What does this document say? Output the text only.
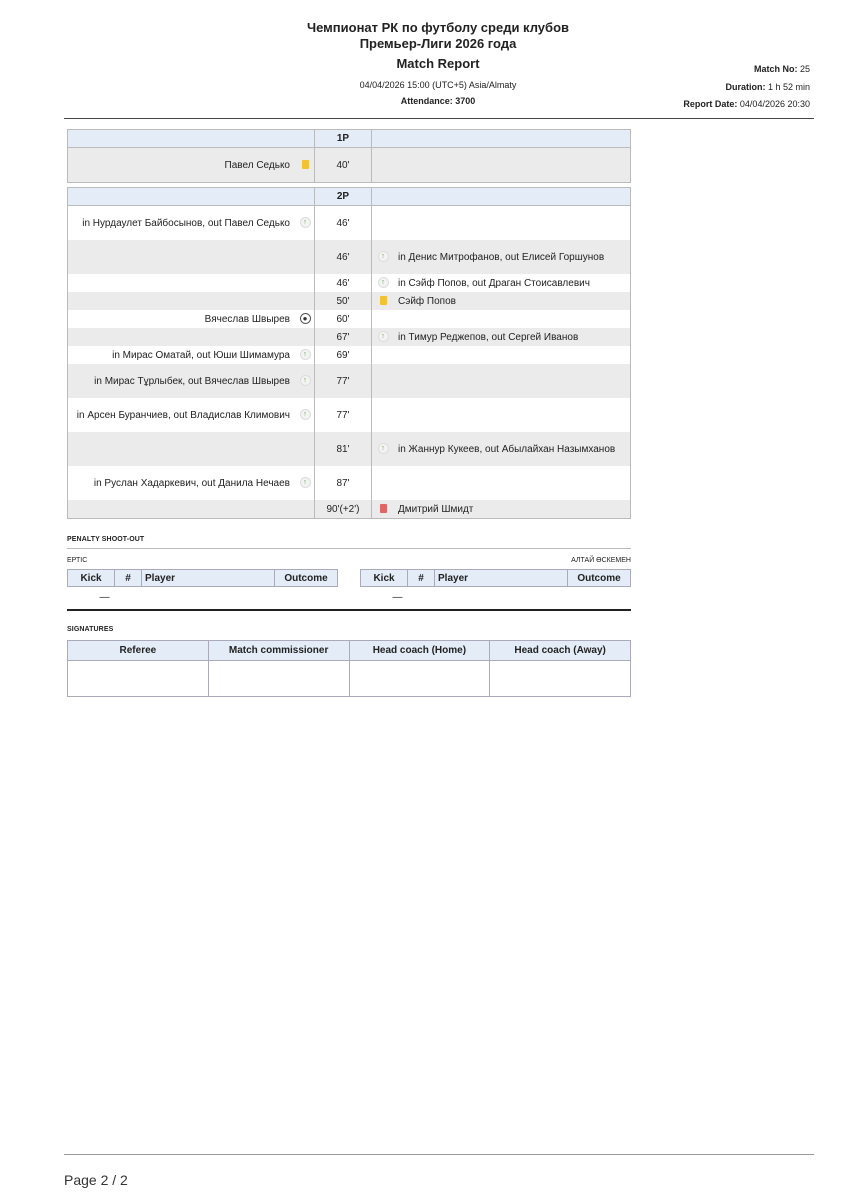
Чемпионат РК по футболу среди клубов
Премьер-Лиги 2026 года
Match Report
04/04/2026 15:00 (UTC+5) Asia/Almaty
Attendance: 3700
Match No: 25
Duration: 1 h 52 min
Report Date: 04/04/2026 20:30
		1P		
Павел Седько		40'		

		2P		
in Нурдаулет Байбосынов, out Павел Седько	↑	46'		
		46'	↑	in Денис Митрофанов, out Елисей Горшунов
		46'	↑	in Сэйф Попов, out Драган Стоисавлевич
		50'		Сэйф Попов
Вячеслав Швырев	●	60'		
		67'	↑	in Тимур Реджепов, out Сергей Иванов
in Мирас Оматай, out Юши Шимамура	↑	69'		
in Мирас Тұрлыбек, out Вячеслав Швырев	↑	77'		
in Арсен Буранчиев, out Владислав Климович	↑	77'		
		81'	↑	in Жаннур Кукеев, out Абылайхан Назымханов
in Руслан Хадаркевич, out Данила Нечаев	↑	87'		
		90'(+2')		Дмитрий Шмидт
PENALTY SHOOT-OUT
ЕРТІС	АЛТАЙ ӨСКЕМЕН
Kick	#	Player	Outcome
—			
Kick	#	Player	Outcome
—			
SIGNATURES
Referee	Match commissioner	Head coach (Home)	Head coach (Away)

Page 2 / 2
